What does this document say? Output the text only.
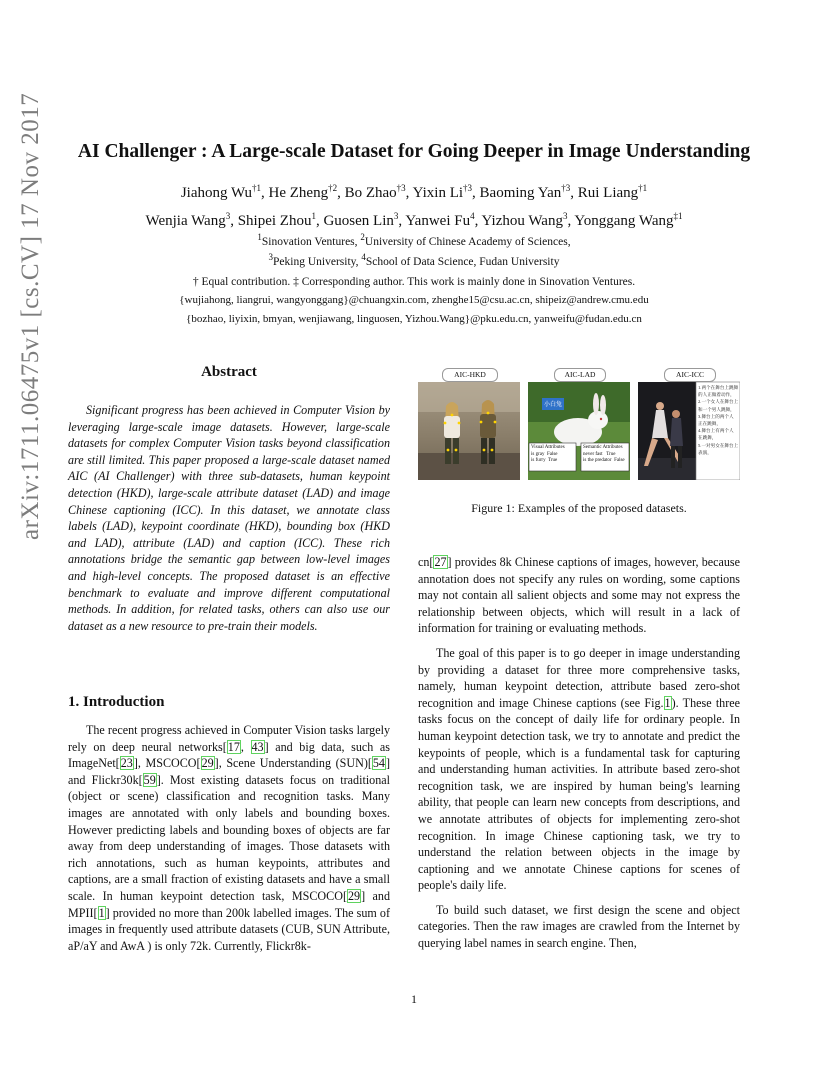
arXiv:1711.06475v1 [cs.CV] 17 Nov 2017	AI Challenger : A Large-scale Dataset for Going Deeper in Image Understanding
Jiahong Wu$^{\dagger 1}$, He Zheng$^{\dagger 2}$, Bo Zhao$^{\dagger 3}$, Yixin Li$^{\dagger 3}$, Baoming Yan$^{\dagger 3}$, Rui Liang$^{\dagger 1}$
Wenjia Wang$^3$, Shipei Zhou$^1$, Guosen Lin$^3$, Yanwei Fu$^4$, Yizhou Wang$^3$, Yonggang Wang$^{\ddagger 1}$
$^1$Sinovation Ventures, $^2$University of Chinese Academy of Sciences,
$^3$Peking University, $^4$School of Data Science, Fudan University
† Equal contribution. ‡ Corresponding author. This work is mainly done in Sinovation Ventures.
{wujiahong, liangrui, wangyonggang}@chuangxin.com, zhenghe15@csu.ac.cn, shipeiz@andrew.cmu.edu
{bozhao, liyixin, bmyan, wenjiawang, linguosen, Yizhou.Wang}@pku.edu.cn, yanweifu@fudan.edu.cn
Abstract

Significant progress has been achieved in Computer Vision by leveraging large-scale image datasets. However, large-scale datasets for complex Computer Vision tasks beyond classification are still limited. This paper proposed a large-scale dataset named AIC (AI Challenger) with three sub-datasets, human keypoint detection (HKD), large-scale attribute dataset (LAD) and image Chinese captioning (ICC). In this dataset, we annotate class labels (LAD), keypoint coordinate (HKD), bounding box (HKD and LAD), attribute (LAD) and caption (ICC). These rich annotations bridge the semantic gap between low-level images and high-level concepts. The proposed dataset is an effective benchmark to evaluate and improve different computational methods. In addition, for related tasks, others can also use our dataset as a new resource to pre-train their models.

1. Introduction

The recent progress achieved in Computer Vision tasks largely rely on deep neural networks[17, 43] and big data, such as ImageNet[23], MSCOCO[29], Scene Understanding (SUN)[54] and Flickr30k[59]. Most existing datasets focus on traditional (object or scene) classification and recognition tasks. Many images are annotated with only labels and bounding boxes. However predicting labels and bounding boxes of objects are far away from deep understanding of images. Those datasets with rich annotations, such as human keypoints, attributes and captions, are a small fraction of existing datasets and have a small scale. In human keypoint detection task, MSCOCO[29] and MPII[1] provided no more than 200k labelled images. The sum of images in frequently used attribute datasets (CUB, SUN Attribute, aP/aY and AwA ) is only 72k. Currently, Flickr8k-

AIC-HKD
小白兔
Visual Attributes
is gray  False
is furry  True
Semantic Attributes
never fast   True
is the predator  False
AIC-LAD
1.两个在舞台上跳舞
的人正做着动作，
2.一个女人在舞台上
和一个男人跳舞，
3.舞台上的两个人
正在跳舞，
4.舞台上有两个人
在跳舞，
5.一对男女在舞台上
表演，
AIC-ICC
Figure 1: Examples of the proposed datasets.

cn[27] provides 8k Chinese captions of images, however, because annotation does not specify any rules on wording, some captions may not contain all salient objects and some may not express the relationship between objects, which will result in a lack of information for training or evaluating methods.

The goal of this paper is to go deeper in image understanding by providing a dataset for three more comprehensive tasks, namely, human keypoint detection, attribute based zero-shot recognition and image Chinese captions (see Fig.1). These three tasks focus on the concept of daily life for ordinary people. In human keypoint detection task, we try to annotate and predict the keypoints of people, which is a fundamental task for capturing and understanding human activities. In attribute based zero-shot recognition task, we are inspired by human being's learning ability, that people can learn new concepts from descriptions, and we annotate attributes of objects for implementing zero-shot recognition. In image Chinese captioning task, we try to understand the relation between objects in the image by captioning and we annotate Chinese captions for scenes of people's daily life.

To build such dataset, we first design the scene and object categories. Then the raw images are crawled from the Internet by querying label names in search engine. Then,

1
